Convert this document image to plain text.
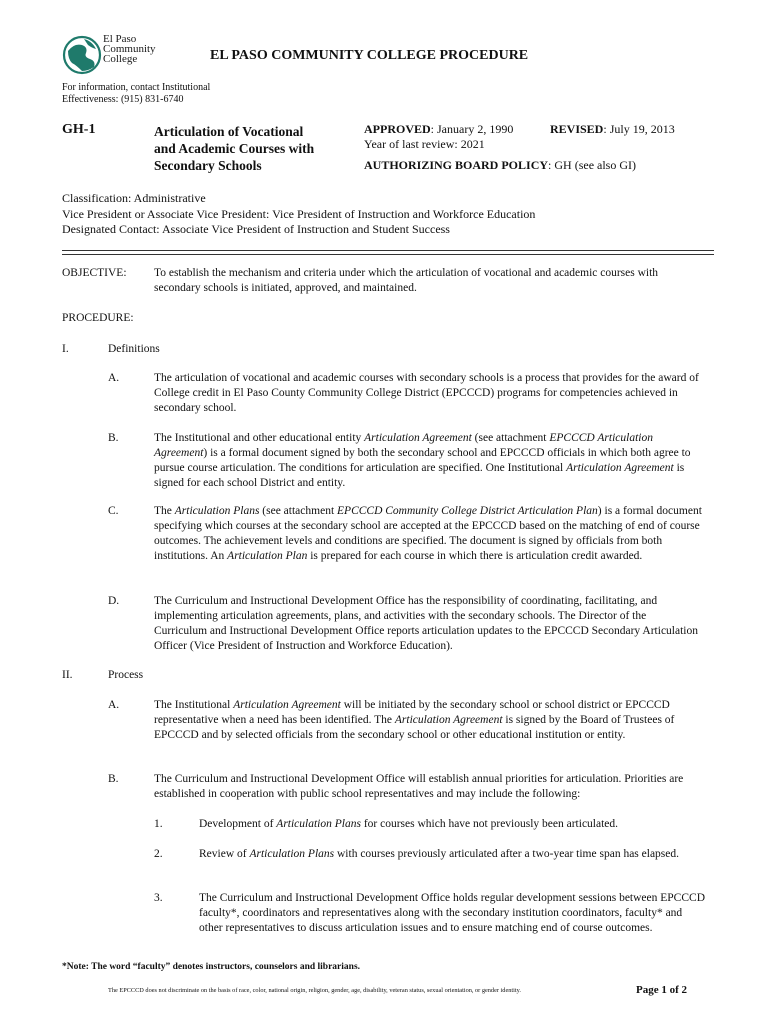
El Paso
Community
College	EL PASO COMMUNITY COLLEGE PROCEDURE
For information, contact Institutional
Effectiveness: (915) 831-6740
GH-1	Articulation of Vocational
and Academic Courses with
Secondary Schools
APPROVED: January 2, 1990	REVISED: July 19, 2013
Year of last review: 2021
AUTHORIZING BOARD POLICY: GH (see also GI)
Classification: Administrative
Vice President or Associate Vice President: Vice President of Instruction and Workforce Education
Designated Contact: Associate Vice President of Instruction and Student Success
OBJECTIVE: To establish the mechanism and criteria under which the articulation of vocational and academic courses with secondary schools is initiated, approved, and maintained.
PROCEDURE:
I.	Definitions
A.	The articulation of vocational and academic courses with secondary schools is a process that provides for the award of College credit in El Paso County Community College District (EPCCCD) programs for competencies achieved in secondary school.
B.	The Institutional and other educational entity Articulation Agreement (see attachment EPCCCD Articulation Agreement) is a formal document signed by both the secondary school and EPCCCD officials in which both agree to pursue course articulation. The conditions for articulation are specified. One Institutional Articulation Agreement is signed for each school District and entity.
C.	The Articulation Plans (see attachment EPCCCD Community College District Articulation Plan) is a formal document specifying which courses at the secondary school are accepted at the EPCCCD based on the matching of end of course outcomes. The achievement levels and conditions are specified. The document is signed by officials from both institutions. An Articulation Plan is prepared for each course in which there is articulation credit awarded.
D.	The Curriculum and Instructional Development Office has the responsibility of coordinating, facilitating, and implementing articulation agreements, plans, and activities with the secondary schools. The Director of the Curriculum and Instructional Development Office reports articulation updates to the EPCCCD Secondary Articulation Officer (Vice President of Instruction and Workforce Education).
II.	Process
A.	The Institutional Articulation Agreement will be initiated by the secondary school or school district or EPCCCD representative when a need has been identified. The Articulation Agreement is signed by the Board of Trustees of EPCCCD and by selected officials from the secondary school or other educational institution or entity.
B.	The Curriculum and Instructional Development Office will establish annual priorities for articulation. Priorities are established in cooperation with public school representatives and may include the following:
1.	Development of Articulation Plans for courses which have not previously been articulated.
2.	Review of Articulation Plans with courses previously articulated after a two-year time span has elapsed.
3.	The Curriculum and Instructional Development Office holds regular development sessions between EPCCCD faculty*, coordinators and representatives along with the secondary institution coordinators, faculty* and other representatives to discuss articulation issues and to ensure matching end of course outcomes.
*Note: The word “faculty” denotes instructors, counselors and librarians.
The EPCCCD does not discriminate on the basis of race, color, national origin, religion, gender, age, disability, veteran status, sexual orientation, or gender identity.	Page 1 of 2
